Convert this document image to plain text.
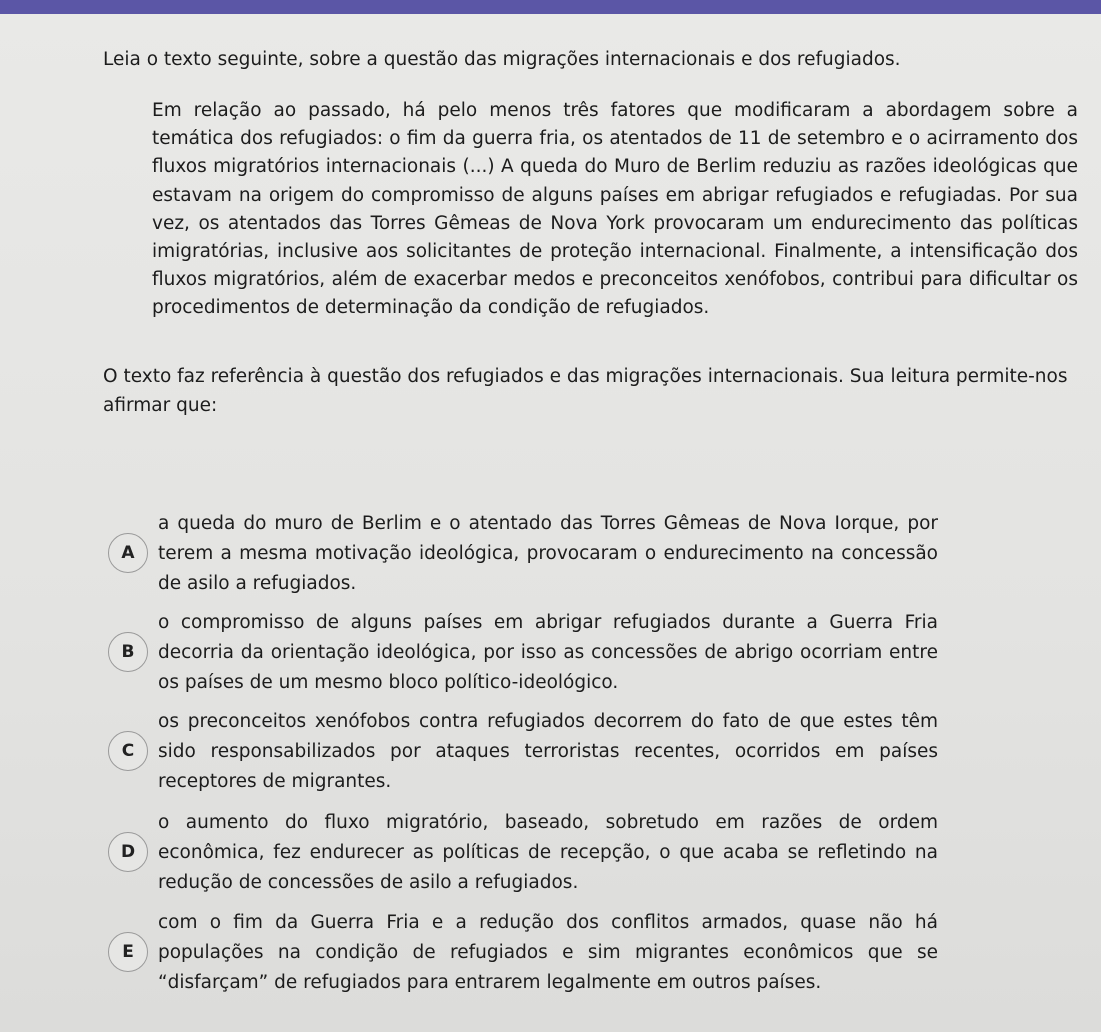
Leia o texto seguinte, sobre a questão das migrações internacionais e dos refugiados.

Em relação ao passado, há pelo menos três fatores que modificaram a abordagem sobre a temática dos refugiados: o fim da guerra fria, os atentados de 11 de setembro e o acirramento dos fluxos migratórios internacionais (...) A queda do Muro de Berlim reduziu as razões ideológicas que estavam na origem do compromisso de alguns países em abrigar refugiados e refugiadas. Por sua vez, os atentados das Torres Gêmeas de Nova York provocaram um endurecimento das políticas imigratórias, inclusive aos solicitantes de proteção internacional. Finalmente, a intensificação dos fluxos migratórios, além de exacerbar medos e preconceitos xenófobos, contribui para dificultar os procedimentos de determinação da condição de refugiados.

O texto faz referência à questão dos refugiados e das migrações internacionais. Sua leitura permite-nos afirmar que:

A

a queda do muro de Berlim e o atentado das Torres Gêmeas de Nova Iorque, por terem a mesma motivação ideológica, provocaram o endurecimento na concessão de asilo a refugiados.

B

o compromisso de alguns países em abrigar refugiados durante a Guerra Fria decorria da orientação ideológica, por isso as concessões de abrigo ocorriam entre os países de um mesmo bloco político-ideológico.

C

os preconceitos xenófobos contra refugiados decorrem do fato de que estes têm sido responsabilizados por ataques terroristas recentes, ocorridos em países receptores de migrantes.

D

o aumento do fluxo migratório, baseado, sobretudo em razões de ordem econômica, fez endurecer as políticas de recepção, o que acaba se refletindo na redução de concessões de asilo a refugiados.

E

com o fim da Guerra Fria e a redução dos conflitos armados, quase não há populações na condição de refugiados e sim migrantes econômicos que se “disfarçam” de refugiados para entrarem legalmente em outros países.
